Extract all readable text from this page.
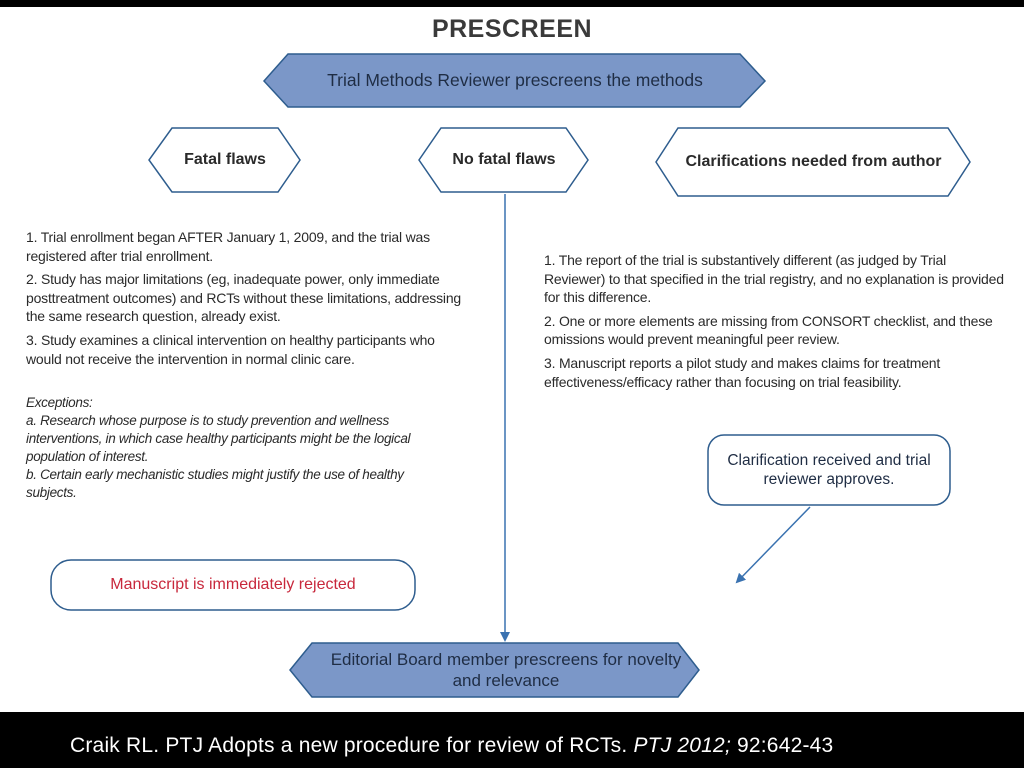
PRESCREEN
Trial Methods Reviewer prescreens the methods
Fatal flaws	No fatal flaws	Clarifications needed from author

1. Trial enrollment began AFTER January 1, 2009, and the trial was registered after trial enrollment.

2. Study has major limitations (eg, inadequate power, only immediate posttreatment outcomes) and RCTs without these limitations, addressing the same research question, already exist.

3. Study examines a clinical intervention on healthy participants who would not receive the intervention in normal clinic care.

Exceptions:
a. Research whose purpose is to study prevention and wellness interventions, in which case healthy participants might be the logical population of interest.
b. Certain early mechanistic studies might justify the use of healthy subjects.

1. The report of the trial is substantively different (as judged by Trial Reviewer) to that specified in the trial registry, and no explanation is provided for this difference.

2. One or more elements are missing from CONSORT checklist, and these omissions would prevent meaningful peer review.

3. Manuscript reports a pilot study and makes claims for treatment effectiveness/efficacy rather than focusing on trial feasibility.

Clarification received and trial reviewer approves.
Manuscript is immediately rejected
Editorial Board member prescreens for novelty and relevance
Craik RL. PTJ Adopts a new procedure for review of RCTs. PTJ 2012; 92:642-43
